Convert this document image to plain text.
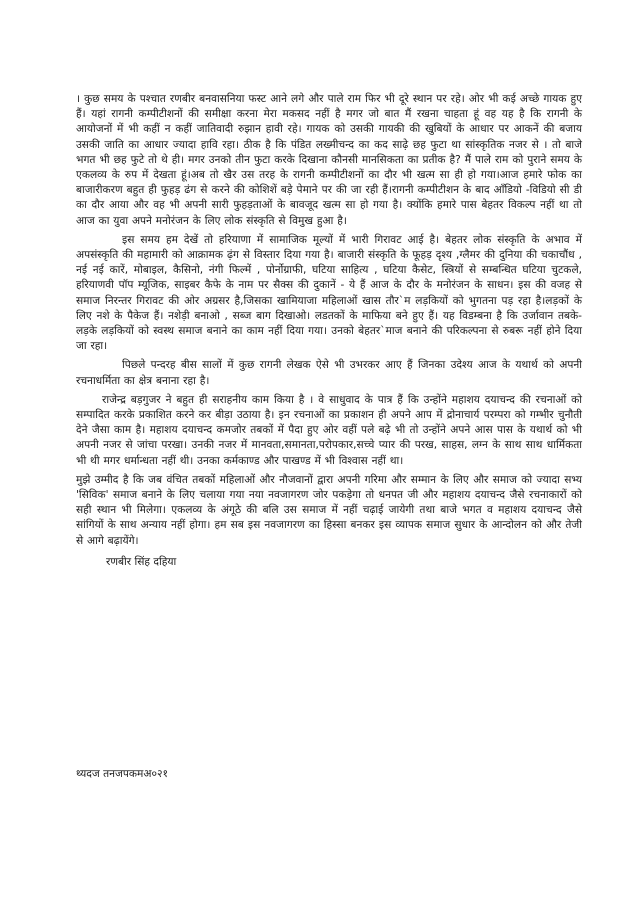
। कुछ समय के पश्चात रणबीर बनवासनिया फस्ट आने लगे और पाले राम फिर भी दूरे स्थान पर रहे। ओर भी कई अच्छे गायक हुए हैं। यहां रागनी कम्पीटीशनों की समीक्षा करना मेरा मकसद नहीं है मगर जो बात मैं रखना चाहता हूं वह यह है कि रागनी के आयोजनों में भी कहीं न कहीं जातिवादी रुझान हावी रहे। गायक को उसकी गायकी की खुबियों के आधार पर आकनें की बजाय उसकी जाति का आधार ज्यादा हावि रहा। ठीक है कि पंडित लख्मीचन्द का कद साढ़े छह फुटा था सांस्कृतिक नजर से । तो बाजे भगत भी छह फुटे तो थे ही। मगर उनको तीन फुटा करके दिखाना कौनसी मानसिकता का प्रतीक है? मैं पाले राम को पुराने समय के एकलव्य के रुप में देखता हूं।अब तो खैर उस तरह के रागनी कम्पीटीशनों का दौर भी खत्म सा ही हो गया।आज हमारे फोक का बाजारीकरण बहुत ही फुहड़ ढंग से करने की कोशिशें बड़े पेमाने पर की जा रही हैं।रागनी कम्पीटीशन के बाद आँडियो -विडियो सी डी का दौर आया और वह भी अपनी सारी फुहड़ताओं के बावजूद खत्म सा हो गया है। क्योंकि हमारे पास बेहतर विकल्प नहीं था तो आज का युवा अपने मनोरंजन के लिए लोक संस्कृति से विमुख हुआ है।

इस समय हम देखें तो हरियाणा में सामाजिक मूल्यों में भारी गिरावट आई है। बेहतर लोक संस्कृति के अभाव में अपसंस्कृति की महामारी को आक्रामक ढ़ंग से विस्तार दिया गया है। बाजारी संस्कृति के फूहड़ दृश्य ,ग्लैमर की दुनिया की चकाचौंध , नई नई कारें, मोबाइल, कैसिनो, नंगी फिल्में , पोर्नोग्राफी, घटिया साहित्य , घटिया कैसेट, स्त्रियों से सम्बन्धित घटिया चुटकले, हरियाणवी पॉप म्यूजिक, साइबर कैफे के नाम पर सैक्स की दुकानें - ये हैं आज के दौर के मनोरंजन के साधन। इस की वजह से समाज निरन्तर गिरावट की ओर अग्रसर है,जिसका खामियाजा महिलाओं खास तौर`म लड़कियों को भुगतना पड़ रहा है।लड़कों के लिए नशे के पैकेज हैं। नशेड़ी बनाओ , सब्ज बाग दिखाओ। लडतकों के माफिया बने हुए हैं। यह विडम्बना है कि उर्जावान तबके- लड़के लड़कियों को स्वस्थ समाज बनाने का काम नहीं दिया गया। उनको बेहतर`माज बनाने की परिकल्पना से रुबरू नहीं होने दिया जा रहा।

पिछले पन्दरह बीस सालों में कुछ रागनी लेखक ऐसे भी उभरकर आए हैं जिनका उदेश्य आज के यथार्थ को अपनी रचनाधर्मिता का क्षेत्र बनाना रहा है।

राजेन्द्र बड़गुजर ने बहुत ही सराहनीय काम किया है । वे साधुवाद के पात्र हैं कि उन्होंने महाशय दयाचन्द की रचनाओं को सम्पादित करके प्रकाशित करने कर बीड़ा उठाया है। इन रचनाओं का प्रकाशन ही अपने आप में द्रोनाचार्य परम्परा को गम्भीर चुनौती देने जैसा काम है। महाशय दयाचन्द कमजोर तबकों में पैदा हुए ओर वहीं पले बढ़े भी तो उन्होंने अपने आस पास के यथार्थ को भी अपनी नजर से जांचा परखा। उनकी नजर में मानवता,समानता,परोपकार,सच्चे प्यार की परख, साहस, लग्न के साथ साथ धार्मिकता भी थी मगर धर्मान्धता नहीं थी। उनका कर्मकाण्ड और पाखण्ड में भी विश्वास नहीं था।

मुझे उम्मीद है कि जब वंचित तबकों महिलाओं और नौजवानों द्वारा अपनी गरिमा और सम्मान के लिए और समाज को ज्यादा सभ्य 'सिविक' समाज बनाने के लिए चलाया गया नया नवजागरण जोर पकड़ेगा तो धनपत जी और महाशय दयाचन्द जैसे रचनाकारों को सही स्थान भी मिलेगा। एकलव्य के अंगूठे की बलि उस समाज में नहीं चढ़ाई जायेगी तथा बाजे भगत व महाशय दयाचन्द जैसे सांगियों के साथ अन्याय नहीं होगा। हम सब इस नवजागरण का हिस्सा बनकर इस व्यापक समाज सुधार के आन्दोलन को और तेजी से आगे बढ़ायेंगे।

रणबीर सिंह दहिया

थ्यदज तनजपकमअ०२१
